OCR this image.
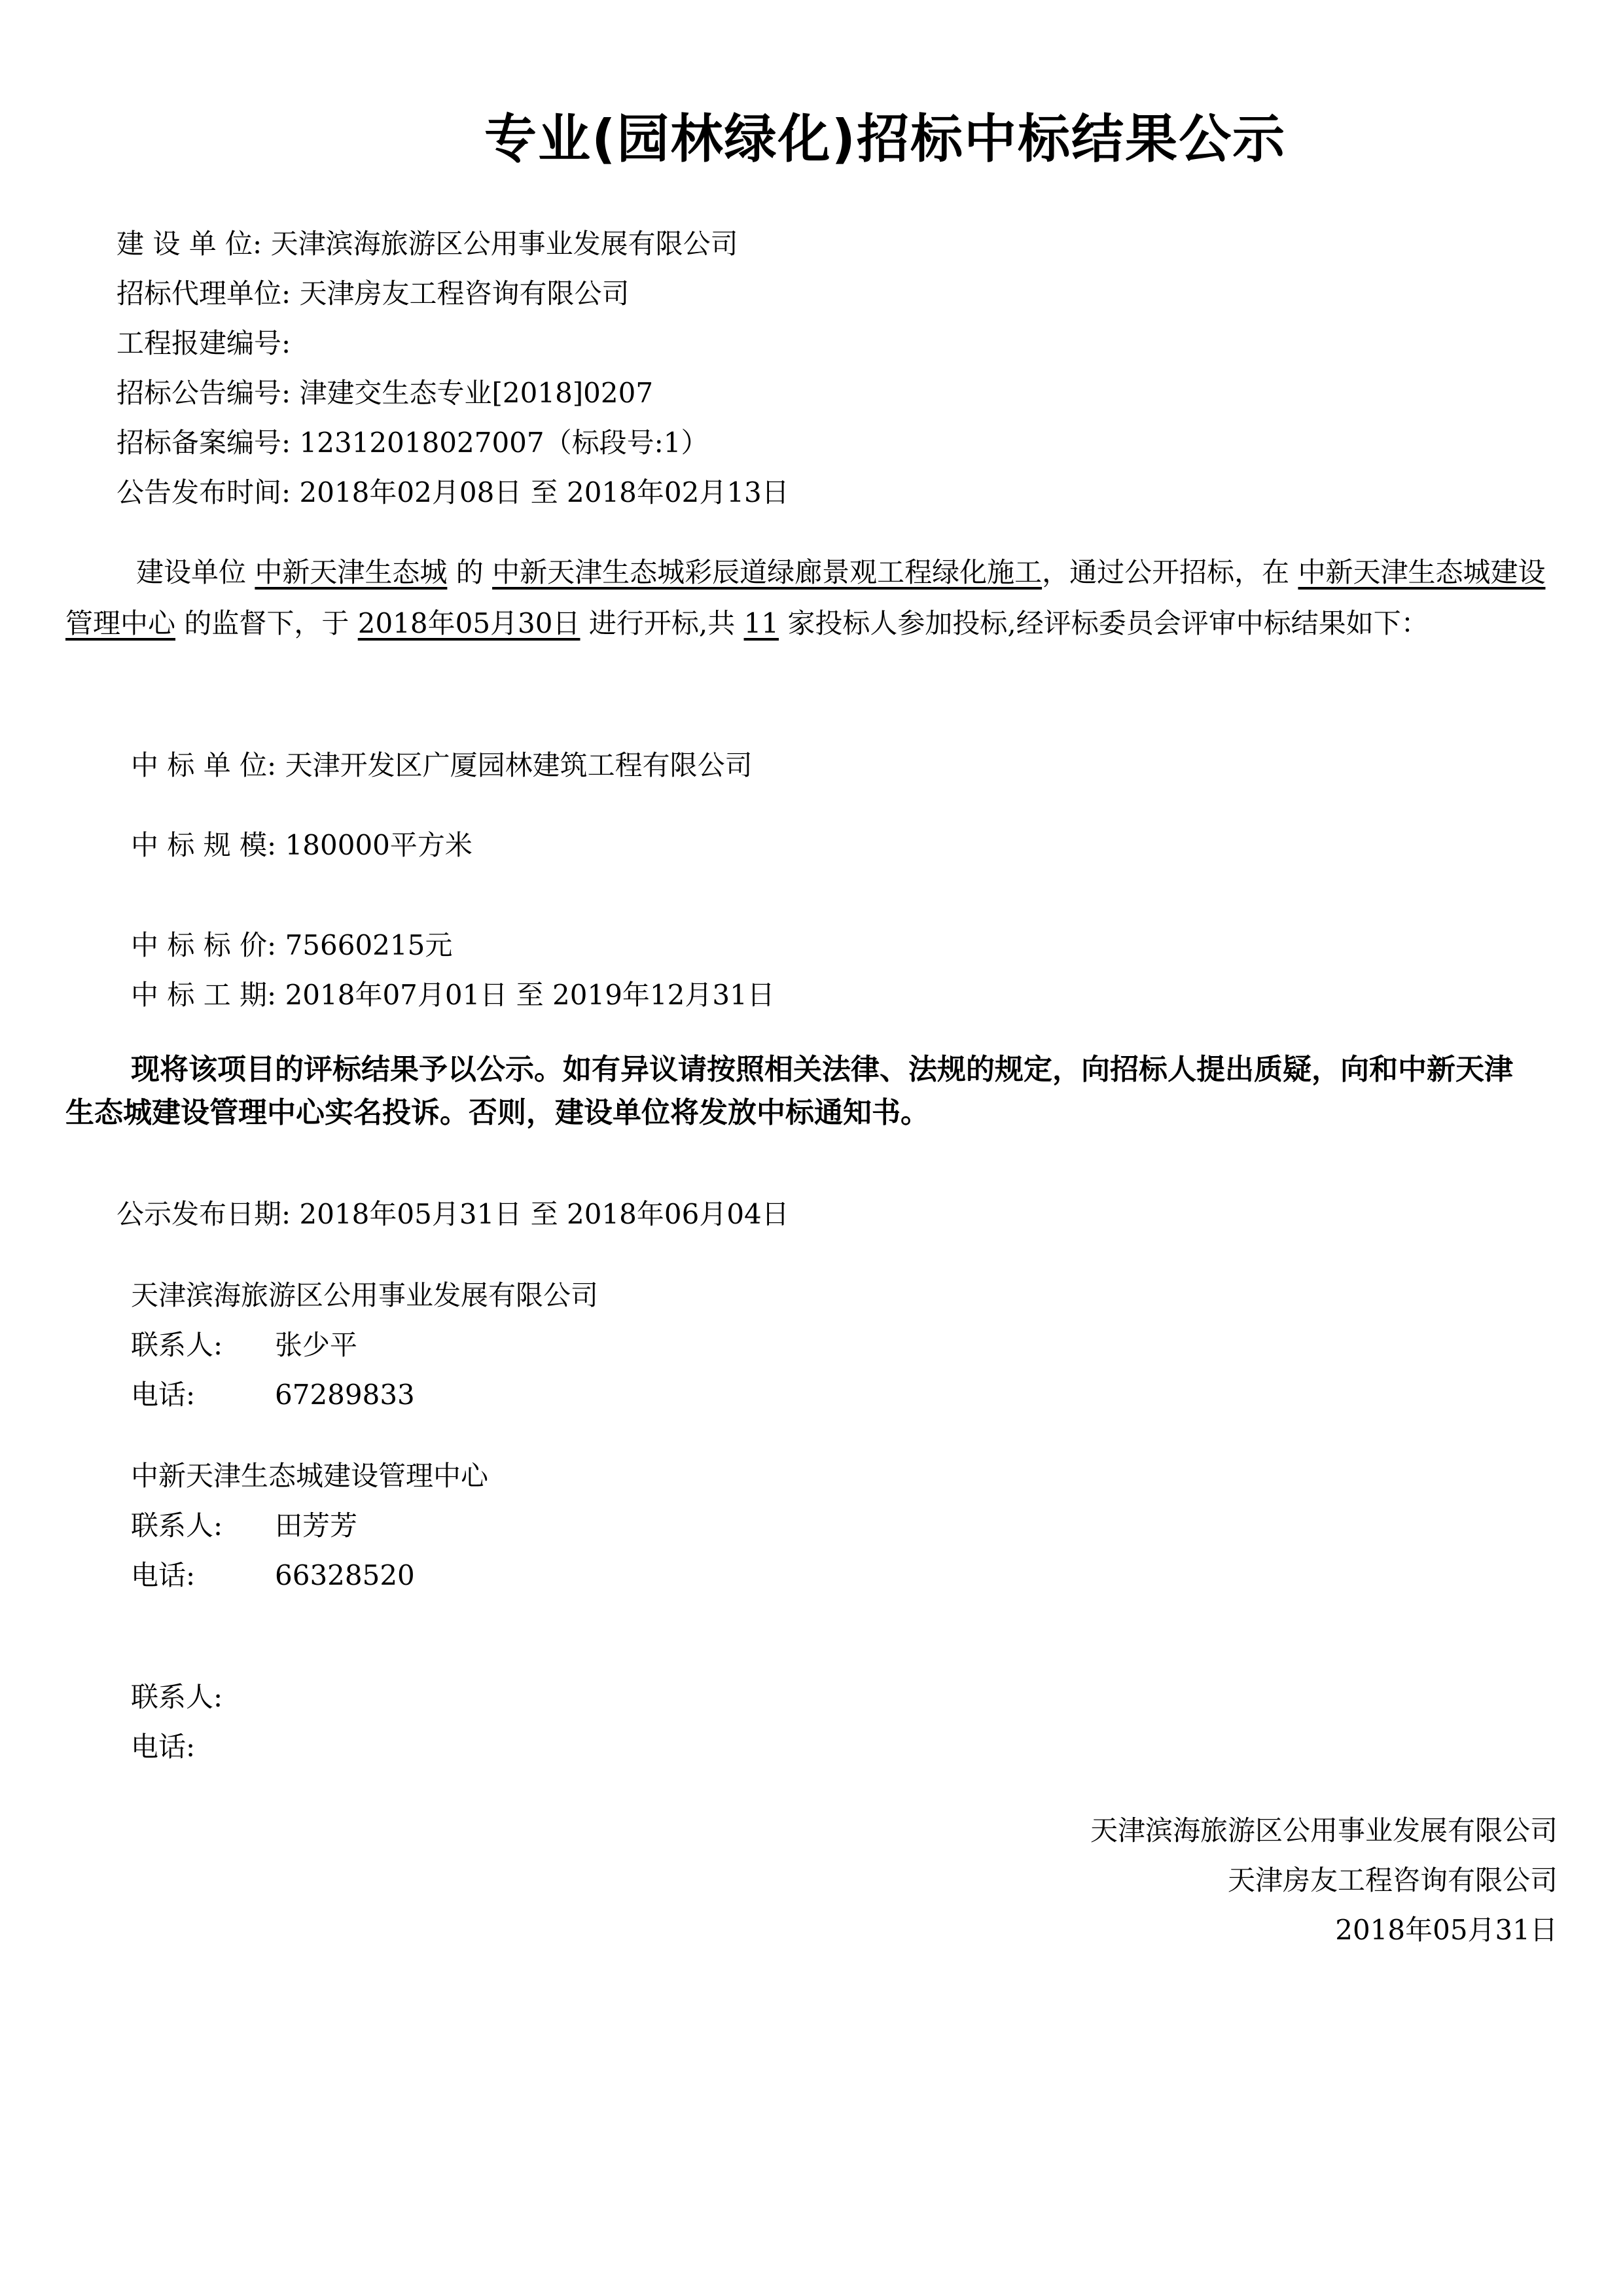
专业(园林绿化)招标中标结果公示
建 设 单 位: 天津滨海旅游区公用事业发展有限公司
招标代理单位: 天津房友工程咨询有限公司
工程报建编号:
招标公告编号: 津建交生态专业[2018]0207
招标备案编号: 12312018027007（标段号:1）
公告发布时间: 2018年02月08日 至 2018年02月13日
建设单位 中新天津生态城 的 中新天津生态城彩辰道绿廊景观工程绿化施工，通过公开招标，在 中新天津生态城建设管理中心 的监督下，于 2018年05月30日 进行开标,共 11 家投标人参加投标,经评标委员会评审中标结果如下：
中 标 单 位: 天津开发区广厦园林建筑工程有限公司
中 标 规 模: 180000平方米
中 标 标 价: 75660215元
中 标 工 期: 2018年07月01日 至 2019年12月31日
现将该项目的评标结果予以公示。如有异议请按照相关法律、法规的规定，向招标人提出质疑，向和中新天津生态城建设管理中心实名投诉。否则，建设单位将发放中标通知书。
公示发布日期: 2018年05月31日 至 2018年06月04日
天津滨海旅游区公用事业发展有限公司
联系人: 张少平
电话:	67289833
中新天津生态城建设管理中心
联系人: 田芳芳
电话:	66328520
联系人:
电话:
天津滨海旅游区公用事业发展有限公司
天津房友工程咨询有限公司
2018年05月31日
